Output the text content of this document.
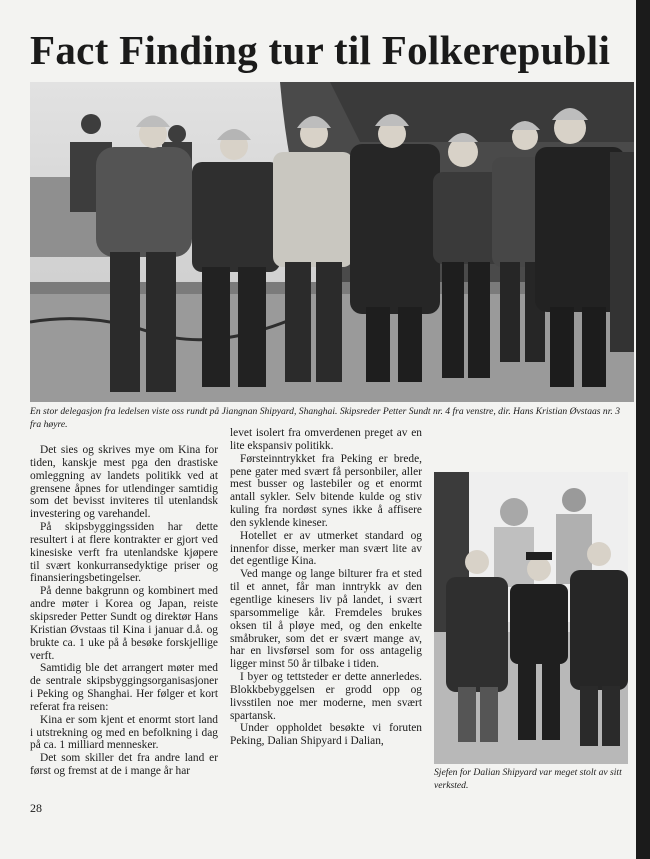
Fact Finding tur til Folkerepubli

En stor delegasjon fra ledelsen viste oss rundt på Jiangnan Shipyard, Shanghai. Skipsreder Petter Sundt nr. 4 fra venstre, dir. Hans Kristian Øvstaas nr. 3 fra høyre.

Det sies og skrives mye om Kina for tiden, kanskje mest pga den drastiske omleggning av landets politikk ved at grensene åpnes for utlendinger samtidig som det bevisst inviteres til utenlandsk investering og varehandel.

På skipsbyggingssiden har dette resultert i at flere kontrakter er gjort ved kinesiske verft fra utenlandske kjøpere til svært konkurransedyktige priser og finansieringsbetingelser.

På denne bakgrunn og kombinert med andre møter i Korea og Japan, reiste skipsreder Petter Sundt og direktør Hans Kristian Øvstaas til Kina i januar d.å. og brukte ca. 1 uke på å besøke forskjellige verft.

Samtidig ble det arrangert møter med de sentrale skipsbyggingsorganisasjoner i Peking og Shanghai. Her følger et kort referat fra reisen:

Kina er som kjent et enormt stort land i utstrekning og med en befolkning i dag på ca. 1 milliard mennesker.

Det som skiller det fra andre land er først og fremst at de i mange år har

levet isolert fra omverdenen preget av en lite ekspansiv politikk.

Førsteinntrykket fra Peking er brede, pene gater med svært få personbiler, aller mest busser og lastebiler og et enormt antall sykler. Selv bitende kulde og stiv kuling fra nordøst synes ikke å affisere den syklende kineser.

Hotellet er av utmerket standard og innenfor disse, merker man svært lite av det egentlige Kina.

Ved mange og lange bilturer fra et sted til et annet, får man inntrykk av den egentlige kinesers liv på landet, i svært sparsommelige kår. Fremdeles brukes oksen til å pløye med, og den enkelte småbruker, som det er svært mange av, har en livsførsel som for oss antagelig ligger minst 50 år tilbake i tiden.

I byer og tettsteder er dette annerledes. Blokkbebyggelsen er grodd opp og livsstilen noe mer moderne, men svært spartansk.

Under oppholdet besøkte vi foruten Peking, Dalian Shipyard i Dalian,

Sjefen for Dalian Shipyard var meget stolt av sitt verksted.

28
